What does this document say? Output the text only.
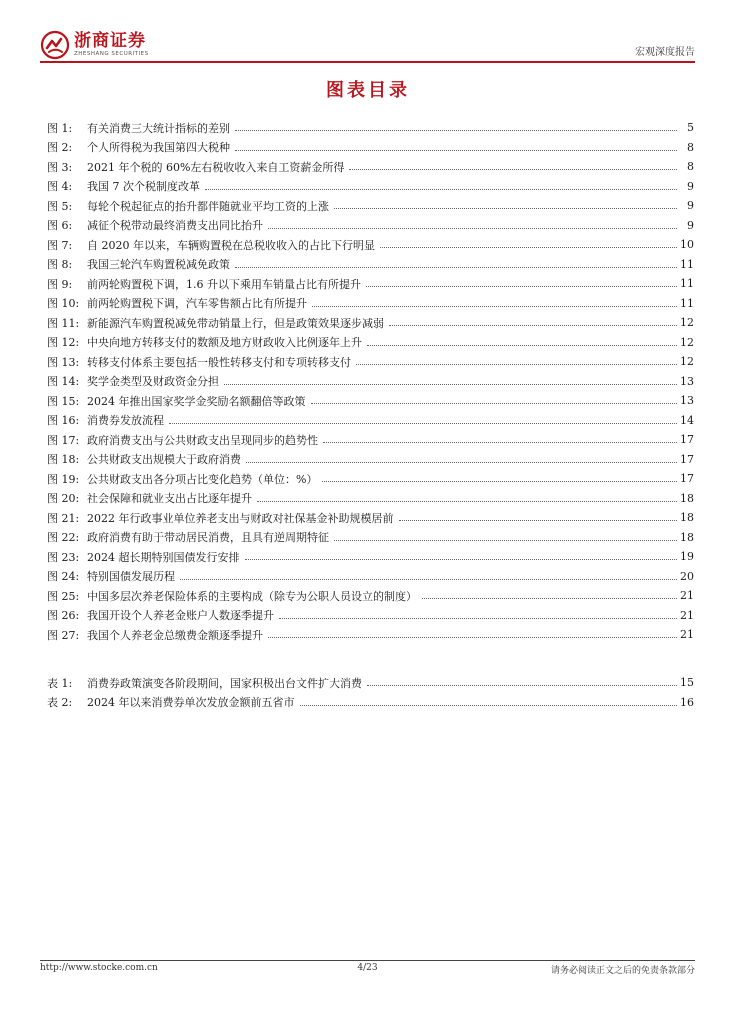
浙商证券
ZHESHANG SECURITIES	宏观深度报告
图表目录
图 1:	有关消费三大统计指标的差别	5
图 2:	个人所得税为我国第四大税种	8
图 3:	2021 年个税的 60%左右税收收入来自工资薪金所得	8
图 4:	我国 7 次个税制度改革	9
图 5:	每轮个税起征点的抬升都伴随就业平均工资的上涨	9
图 6:	减征个税带动最终消费支出同比抬升	9
图 7:	自 2020 年以来，车辆购置税在总税收收入的占比下行明显	10
图 8:	我国三轮汽车购置税减免政策	11
图 9:	前两轮购置税下调，1.6 升以下乘用车销量占比有所提升	11
图 10: 前两轮购置税下调，汽车零售额占比有所提升	11
图 11: 新能源汽车购置税减免带动销量上行，但是政策效果逐步减弱	12
图 12: 中央向地方转移支付的数额及地方财政收入比例逐年上升	12
图 13: 转移支付体系主要包括一般性转移支付和专项转移支付	12
图 14: 奖学金类型及财政资金分担	13
图 15: 2024 年推出国家奖学金奖励名额翻倍等政策	13
图 16: 消费券发放流程	14
图 17: 政府消费支出与公共财政支出呈现同步的趋势性	17
图 18: 公共财政支出规模大于政府消费	17
图 19: 公共财政支出各分项占比变化趋势（单位：%）	17
图 20: 社会保障和就业支出占比逐年提升	18
图 21: 2022 年行政事业单位养老支出与财政对社保基金补助规模居前	18
图 22: 政府消费有助于带动居民消费，且具有逆周期特征	18
图 23: 2024 超长期特别国债发行安排	19
图 24: 特别国债发展历程	20
图 25: 中国多层次养老保险体系的主要构成（除专为公职人员设立的制度）	21
图 26: 我国开设个人养老金账户人数逐季提升	21
图 27: 我国个人养老金总缴费金额逐季提升	21
表 1:	消费券政策演变各阶段期间，国家积极出台文件扩大消费	15
表 2:	2024 年以来消费券单次发放金额前五省市	16
http://www.stocke.com.cn	4/23	请务必阅读正文之后的免责条款部分
